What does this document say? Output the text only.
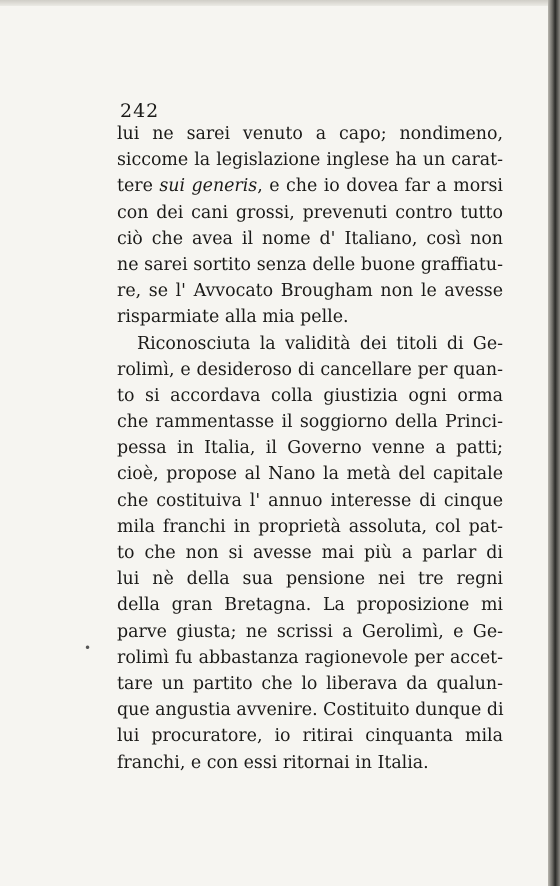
242
lui ne sarei venuto a capo; nondimeno,
siccome la legislazione inglese ha un carat-
tere sui generis, e che io dovea far a morsi
con dei cani grossi, prevenuti contro tutto
ciò che avea il nome d' Italiano, così non
ne sarei sortito senza delle buone graffiatu-
re, se l' Avvocato Brougham non le avesse
risparmiate alla mia pelle.
Riconosciuta la validità dei titoli di Ge-
rolimì, e desideroso di cancellare per quan-
to si accordava colla giustizia ogni orma
che rammentasse il soggiorno della Princi-
pessa in Italia, il Governo venne a patti;
cioè, propose al Nano la metà del capitale
che costituiva l' annuo interesse di cinque
mila franchi in proprietà assoluta, col pat-
to che non si avesse mai più a parlar di
lui nè della sua pensione nei tre regni
della gran Bretagna. La proposizione mi
parve giusta; ne scrissi a Gerolimì, e Ge-
rolimì fu abbastanza ragionevole per accet-
tare un partito che lo liberava da qualun-
que angustia avvenire. Costituito dunque di
lui procuratore, io ritirai cinquanta mila
franchi, e con essi ritornai in Italia.
•
